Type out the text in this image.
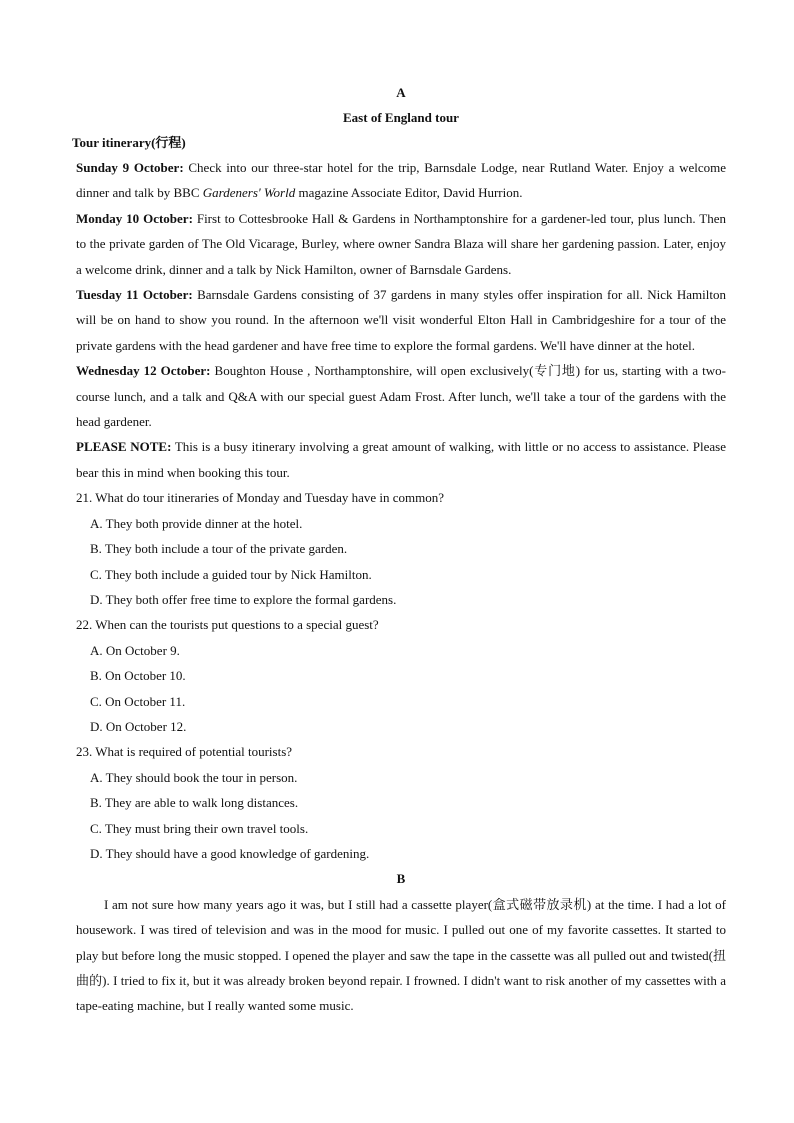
A
East of England tour
Tour itinerary(行程)
Sunday 9 October: Check into our three-star hotel for the trip, Barnsdale Lodge, near Rutland Water. Enjoy a welcome dinner and talk by BBC Gardeners' World magazine Associate Editor, David Hurrion.
Monday 10 October: First to Cottesbrooke Hall & Gardens in Northamptonshire for a gardener-led tour, plus lunch. Then to the private garden of The Old Vicarage, Burley, where owner Sandra Blaza will share her gardening passion. Later, enjoy a welcome drink, dinner and a talk by Nick Hamilton, owner of Barnsdale Gardens.
Tuesday 11 October: Barnsdale Gardens consisting of 37 gardens in many styles offer inspiration for all. Nick Hamilton will be on hand to show you round. In the afternoon we'll visit wonderful Elton Hall in Cambridgeshire for a tour of the private gardens with the head gardener and have free time to explore the formal gardens. We'll have dinner at the hotel.
Wednesday 12 October: Boughton House , Northamptonshire, will open exclusively(专门地) for us, starting with a two-course lunch, and a talk and Q&A with our special guest Adam Frost. After lunch, we'll take a tour of the gardens with the head gardener.
PLEASE NOTE: This is a busy itinerary involving a great amount of walking, with little or no access to assistance. Please bear this in mind when booking this tour.
21. What do tour itineraries of Monday and Tuesday have in common?
A. They both provide dinner at the hotel.
B. They both include a tour of the private garden.
C. They both include a guided tour by Nick Hamilton.
D. They both offer free time to explore the formal gardens.
22. When can the tourists put questions to a special guest?
A. On October 9.
B. On October 10.
C. On October 11.
D. On October 12.
23. What is required of potential tourists?
A. They should book the tour in person.
B. They are able to walk long distances.
C. They must bring their own travel tools.
D. They should have a good knowledge of gardening.
B
I am not sure how many years ago it was, but I still had a cassette player(盒式磁带放录机) at the time. I had a lot of housework. I was tired of television and was in the mood for music. I pulled out one of my favorite cassettes. It started to play but before long the music stopped. I opened the player and saw the tape in the cassette was all pulled out and twisted(扭曲的). I tried to fix it, but it was already broken beyond repair. I frowned. I didn't want to risk another of my cassettes with a tape-eating machine, but I really wanted some music.
